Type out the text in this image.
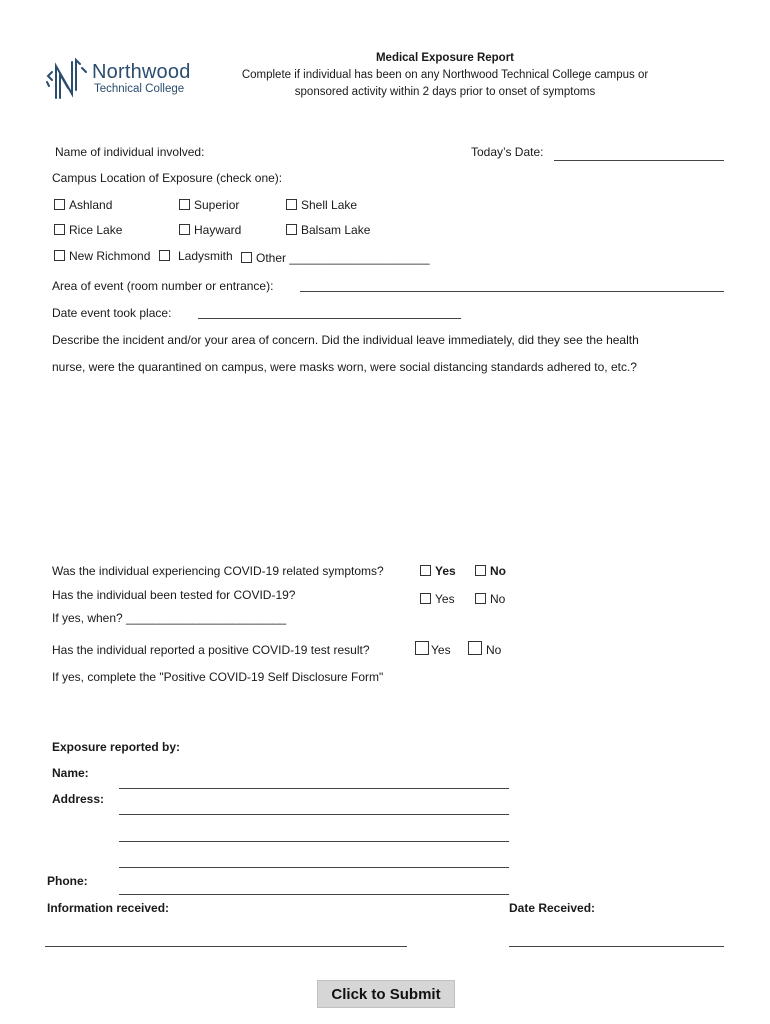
Northwood
Technical College
Medical Exposure Report
Complete if individual has been on any Northwood Technical College campus or
sponsored activity within 2 days prior to onset of symptoms
Name of individual involved:	Today’s Date:
Campus Location of Exposure (check one):
Ashland	Superior	Shell Lake
Rice Lake	Hayward	Balsam Lake
New Richmond	Ladysmith	Other _____________________
Area of event (room number or entrance):
Date event took place:
Describe the incident and/or your area of concern. Did the individual leave immediately, did they see the health
nurse, were the quarantined on campus, were masks worn, were social distancing standards adhered to, etc.?
Was the individual experiencing COVID-19 related symptoms?	Yes	No
Has the individual been tested for COVID-19?	Yes	No
If yes, when? ________________________
Has the individual reported a positive COVID-19 test result?	Yes	No
If yes, complete the "Positive COVID-19 Self Disclosure Form"
Exposure reported by:
Name:
Address:
Phone:
Information received:	Date Received:
Click to Submit
